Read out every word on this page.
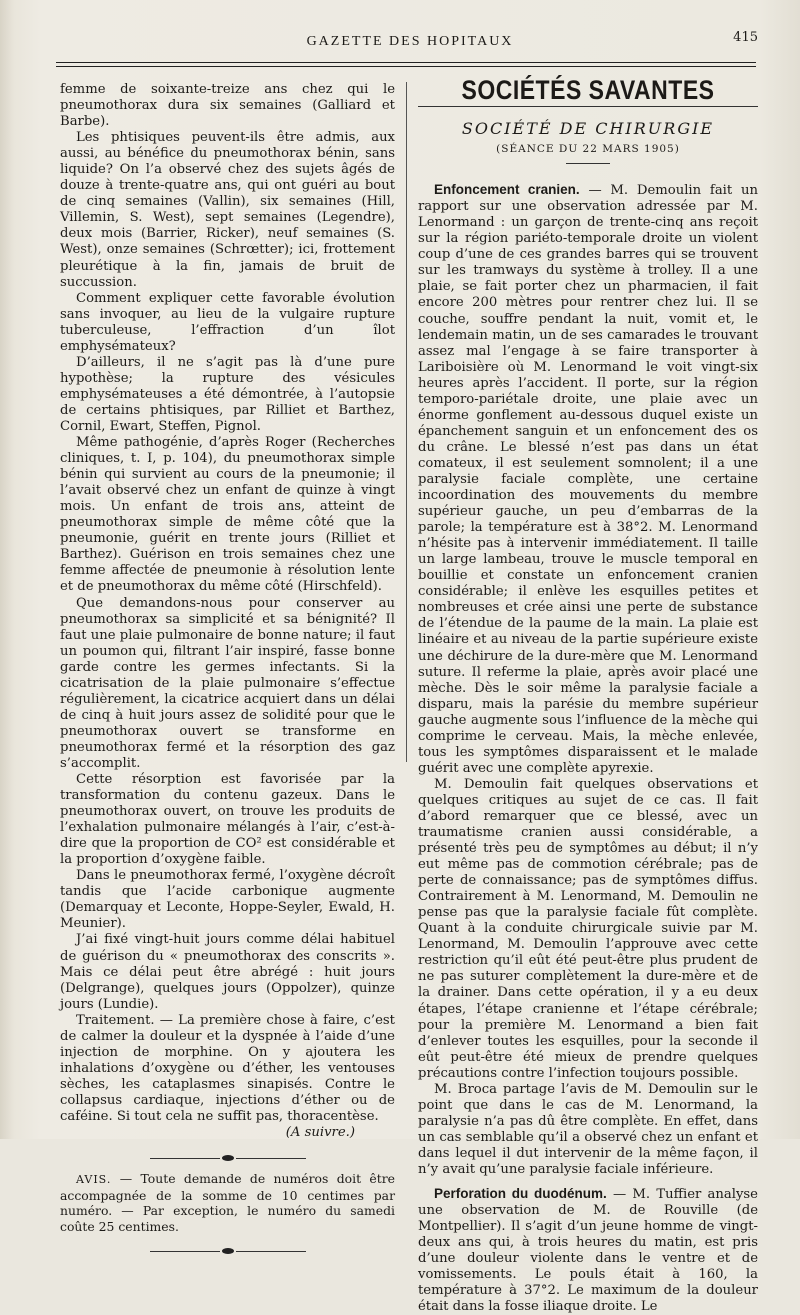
GAZETTE DES HOPITAUX	415

femme de soixante-treize ans chez qui le pneumothorax dura six semaines (Galliard et Barbe).

Les phtisiques peuvent-ils être admis, aux aussi, au bénéfice du pneumothorax bénin, sans liquide? On l’a observé chez des sujets âgés de douze à trente-quatre ans, qui ont guéri au bout de cinq semaines (Vallin), six semaines (Hill, Villemin, S. West), sept semaines (Legendre), deux mois (Barrier, Ricker), neuf semaines (S. West), onze semaines (Schrœtter); ici, frottement pleurétique à la fin, jamais de bruit de succussion.

Comment expliquer cette favorable évolution sans invoquer, au lieu de la vulgaire rupture tuberculeuse, l’effraction d’un îlot emphysémateux?

D’ailleurs, il ne s’agit pas là d’une pure hypothèse; la rupture des vésicules emphysémateuses a été démontrée, à l’autopsie de certains phtisiques, par Rilliet et Barthez, Cornil, Ewart, Steffen, Pignol.

Même pathogénie, d’après Roger (Recherches cliniques, t. I, p. 104), du pneumothorax simple bénin qui survient au cours de la pneumonie; il l’avait observé chez un enfant de quinze à vingt mois. Un enfant de trois ans, atteint de pneumothorax simple de même côté que la pneumonie, guérit en trente jours (Rilliet et Barthez). Guérison en trois semaines chez une femme affectée de pneumonie à résolution lente et de pneumothorax du même côté (Hirschfeld).

Que demandons-nous pour conserver au pneumothorax sa simplicité et sa bénignité? Il faut une plaie pulmonaire de bonne nature; il faut un poumon qui, filtrant l’air inspiré, fasse bonne garde contre les germes infectants. Si la cicatrisation de la plaie pulmonaire s’effectue régulièrement, la cicatrice acquiert dans un délai de cinq à huit jours assez de solidité pour que le pneumothorax ouvert se transforme en pneumothorax fermé et la résorption des gaz s’accomplit.

Cette résorption est favorisée par la transformation du contenu gazeux. Dans le pneumothorax ouvert, on trouve les produits de l’exhalation pulmonaire mélangés à l’air, c’est-à-dire que la proportion de CO² est considérable et la proportion d’oxygène faible.

Dans le pneumothorax fermé, l’oxygène décroît tandis que l’acide carbonique augmente (Demarquay et Leconte, Hoppe-Seyler, Ewald, H. Meunier).

J’ai fixé vingt-huit jours comme délai habituel de guérison du « pneumothorax des conscrits ». Mais ce délai peut être abrégé : huit jours (Delgrange), quelques jours (Oppolzer), quinze jours (Lundie).

Traitement. — La première chose à faire, c’est de calmer la douleur et la dyspnée à l’aide d’une injection de morphine. On y ajoutera les inhalations d’oxygène ou d’éther, les ventouses sèches, les cataplasmes sinapisés. Contre le collapsus cardiaque, injections d’éther ou de caféine. Si tout cela ne suffit pas, thoracentèse.

(A suivre.)

AVIS. — Toute demande de numéros doit être accompagnée de la somme de 10 centimes par numéro. — Par exception, le numéro du samedi coûte 25 centimes.

SOCIÉTÉS SAVANTES
SOCIÉTÉ DE CHIRURGIE
(SÉANCE DU 22 MARS 1905)

Enfoncement cranien. — M. Demoulin fait un rapport sur une observation adressée par M. Lenormand : un garçon de trente-cinq ans reçoit sur la région pariéto-temporale droite un violent coup d’une de ces grandes barres qui se trouvent sur les tramways du système à trolley. Il a une plaie, se fait porter chez un pharmacien, il fait encore 200 mètres pour rentrer chez lui. Il se couche, souffre pendant la nuit, vomit et, le lendemain matin, un de ses camarades le trouvant assez mal l’engage à se faire transporter à Lariboisière où M. Lenormand le voit vingt-six heures après l’accident. Il porte, sur la région temporo-pariétale droite, une plaie avec un énorme gonflement au-dessous duquel existe un épanchement sanguin et un enfoncement des os du crâne. Le blessé n’est pas dans un état comateux, il est seulement somnolent; il a une paralysie faciale complète, une certaine incoordination des mouvements du membre supérieur gauche, un peu d’embarras de la parole; la température est à 38°2. M. Lenormand n’hésite pas à intervenir immédiatement. Il taille un large lambeau, trouve le muscle temporal en bouillie et constate un enfoncement cranien considérable; il enlève les esquilles petites et nombreuses et crée ainsi une perte de substance de l’étendue de la paume de la main. La plaie est linéaire et au niveau de la partie supérieure existe une déchirure de la dure-mère que M. Lenormand suture. Il referme la plaie, après avoir placé une mèche. Dès le soir même la paralysie faciale a disparu, mais la parésie du membre supérieur gauche augmente sous l’influence de la mèche qui comprime le cerveau. Mais, la mèche enlevée, tous les symptômes disparaissent et le malade guérit avec une complète apyrexie.

M. Demoulin fait quelques observations et quelques critiques au sujet de ce cas. Il fait d’abord remarquer que ce blessé, avec un traumatisme cranien aussi considérable, a présenté très peu de symptômes au début; il n’y eut même pas de commotion cérébrale; pas de perte de connaissance; pas de symptômes diffus. Contrairement à M. Lenormand, M. Demoulin ne pense pas que la paralysie faciale fût complète. Quant à la conduite chirurgicale suivie par M. Lenormand, M. Demoulin l’approuve avec cette restriction qu’il eût été peut-être plus prudent de ne pas suturer complètement la dure-mère et de la drainer. Dans cette opération, il y a eu deux étapes, l’étape cranienne et l’étape cérébrale; pour la première M. Lenormand a bien fait d’enlever toutes les esquilles, pour la seconde il eût peut-être été mieux de prendre quelques précautions contre l’infection toujours possible.

M. Broca partage l’avis de M. Demoulin sur le point que dans le cas de M. Lenormand, la paralysie n’a pas dû être complète. En effet, dans un cas semblable qu’il a observé chez un enfant et dans lequel il dut intervenir de la même façon, il n’y avait qu’une paralysie faciale inférieure.

Perforation du duodénum. — M. Tuffier analyse une observation de M. de Rouville (de Montpellier). Il s’agit d’un jeune homme de vingt-deux ans qui, à trois heures du matin, est pris d’une douleur violente dans le ventre et de vomissements. Le pouls était à 160, la température à 37°2. Le maximum de la douleur était dans la fosse iliaque droite. Le
